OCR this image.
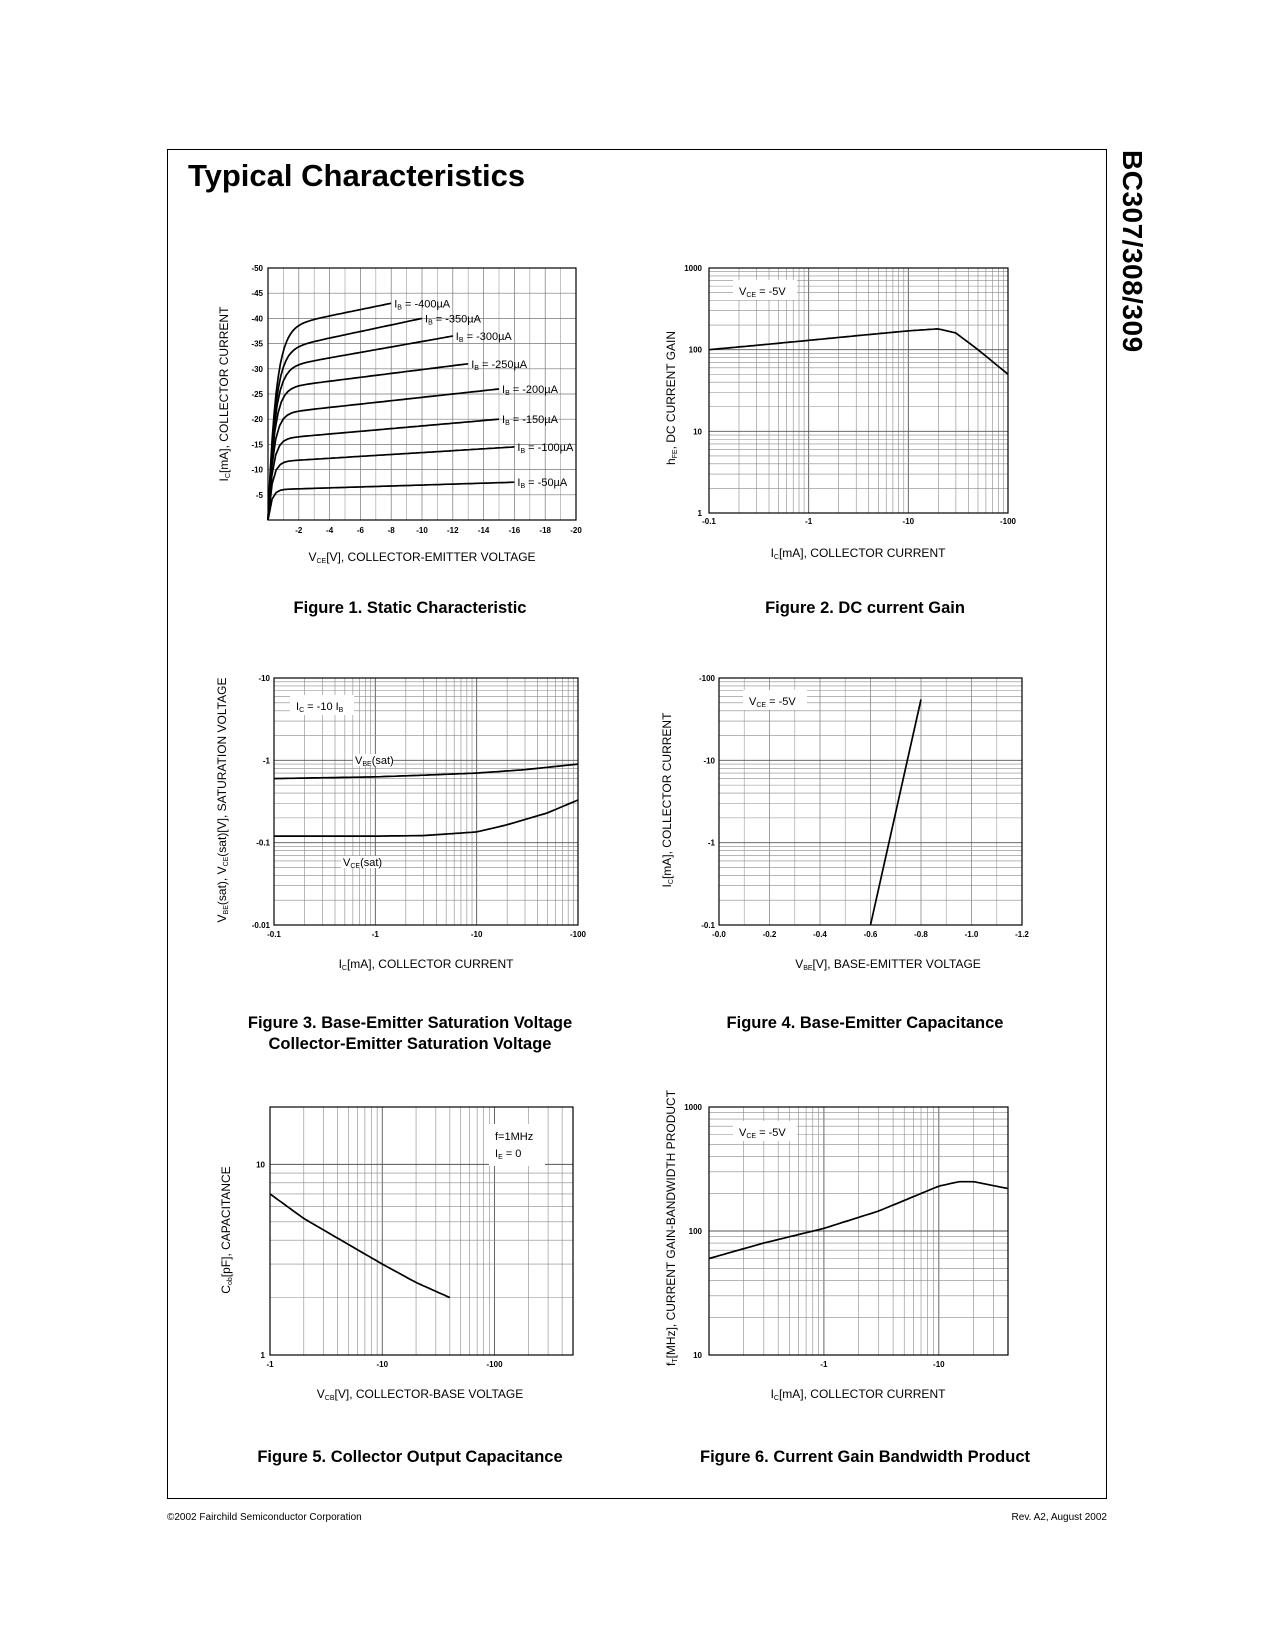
Typical Characteristics	BC307/308/309
-2	-4	-6	-8	-10 -12 -14 -16 -18 -20
-50
-45
-40
-35
-30
-25
-20
-15
-10
-5
IB = -400µA
IB = -350µA
IB = -300µA
IB = -250µA
IB = -200µA
IB = -150µA
IB = -100µA
IB = -50µA
VCE[V], COLLECTOR-EMITTER VOLTAGE
IC[mA], COLLECTOR CURRENT
-0.1	-1	-10	-100
1
10
100
1000
VCE = -5V
IC[mA], COLLECTOR CURRENT
hFE, DC CURRENT GAIN
-0.1	-1	-10	-100
-10
-1
-0.1
-0.01
VBE(sat)
VCE(sat)
IC = -10 IB
IC[mA], COLLECTOR CURRENT
VBE(sat), VCE(sat)[V], SATURATION VOLTAGE
-0.0	-0.2	-0.4	-0.6	-0.8	-1.0	-1.2
-100
-10
-1
-0.1
VCE = -5V
VBE[V], BASE-EMITTER VOLTAGE
IC[mA], COLLECTOR CURRENT
-1	-10	-100
10
1
f=1MHz
IE = 0
VCB[V], COLLECTOR-BASE VOLTAGE
Cob[pF], CAPACITANCE
-1	-10
1000
100
10
VCE = -5V
IC[mA], COLLECTOR CURRENT
fT[MHz], CURRENT GAIN-BANDWIDTH PRODUCT
Figure 1. Static Characteristic	Figure 2. DC current Gain
Figure 3. Base-Emitter Saturation Voltage
Collector-Emitter Saturation Voltage
Figure 4. Base-Emitter Capacitance
Figure 5. Collector Output Capacitance	Figure 6. Current Gain Bandwidth Product
©2002 Fairchild Semiconductor Corporation	Rev. A2, August 2002
